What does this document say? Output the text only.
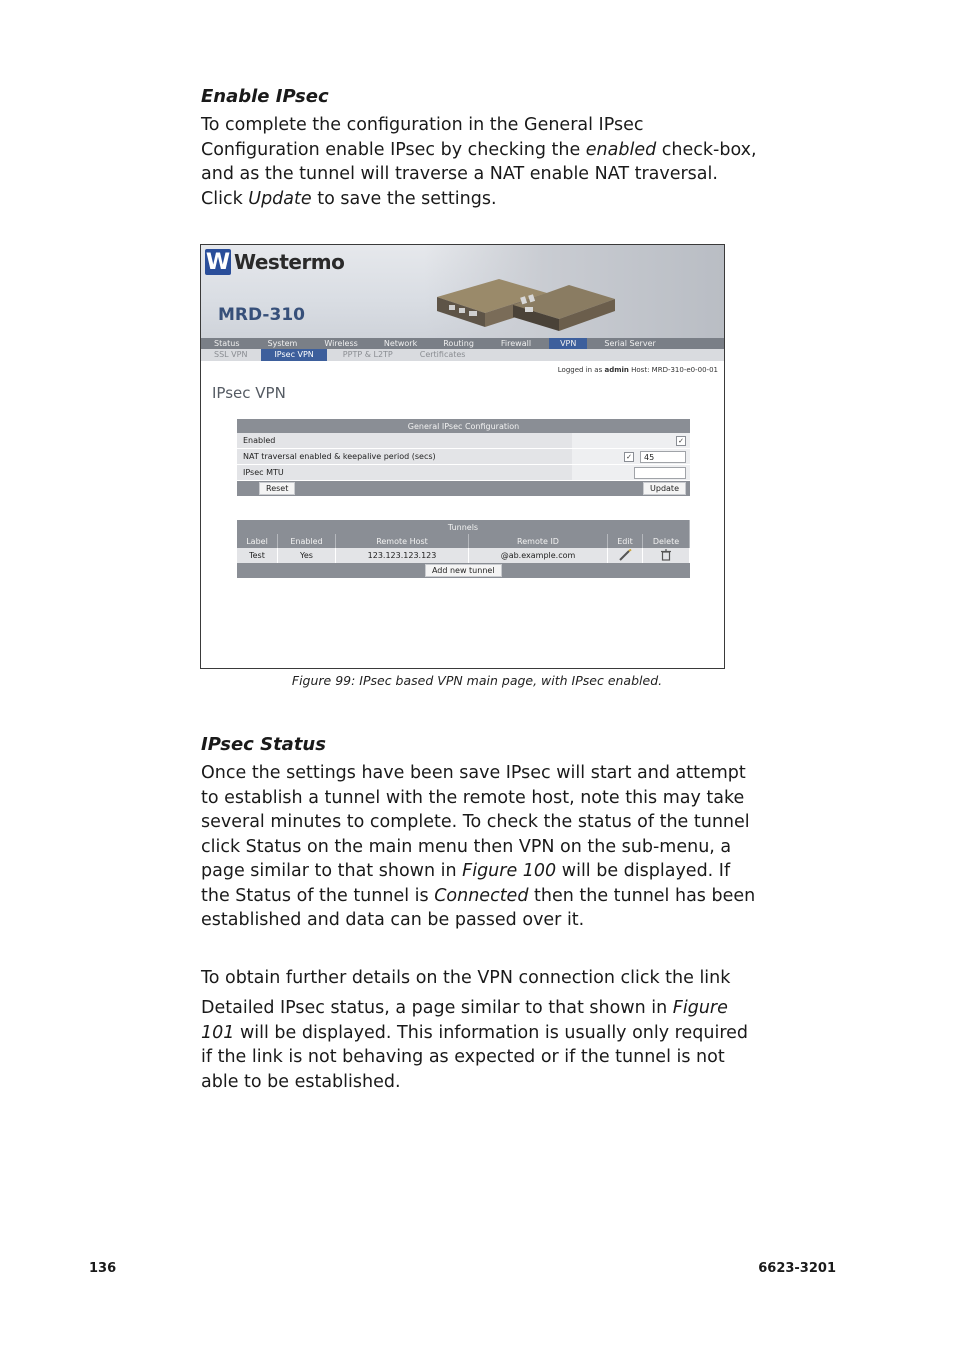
Enable IPsec
To complete the configuration in the General IPsec
Configuration enable IPsec by checking the enabled check-box,
and as the tunnel will traverse a NAT enable NAT traversal.
Click Update to save the settings.
W Westermo
MRD-310
Status	System	Wireless	Network	Routing	Firewall	VPN	Serial Server
SSL VPN	IPsec VPN	PPTP & L2TP	Certificates
Logged in as admin Host: MRD-310-e0-00-01
IPsec VPN
General IPsec Configuration	
Enabled	✓
NAT traversal enabled & keepalive period (secs)	✓ 45
IPsec MTU	
Reset	Update
Tunnels					
Label	Enabled	Remote Host	Remote ID	Edit	Delete
Test	Yes	123.123.123.123	@ab.example.com		
Add new tunnel					
Figure 99: IPsec based VPN main page, with IPsec enabled.
IPsec Status
Once the settings have been save IPsec will start and attempt
to establish a tunnel with the remote host, note this may take
several minutes to complete. To check the status of the tunnel
click Status on the main menu then VPN on the sub-menu, a
page similar to that shown in Figure 100 will be displayed. If
the Status of the tunnel is Connected then the tunnel has been
established and data can be passed over it.
To obtain further details on the VPN connection click the link
Detailed IPsec status, a page similar to that shown in Figure
101 will be displayed. This information is usually only required
if the link is not behaving as expected or if the tunnel is not
able to be established.
136	6623-3201
